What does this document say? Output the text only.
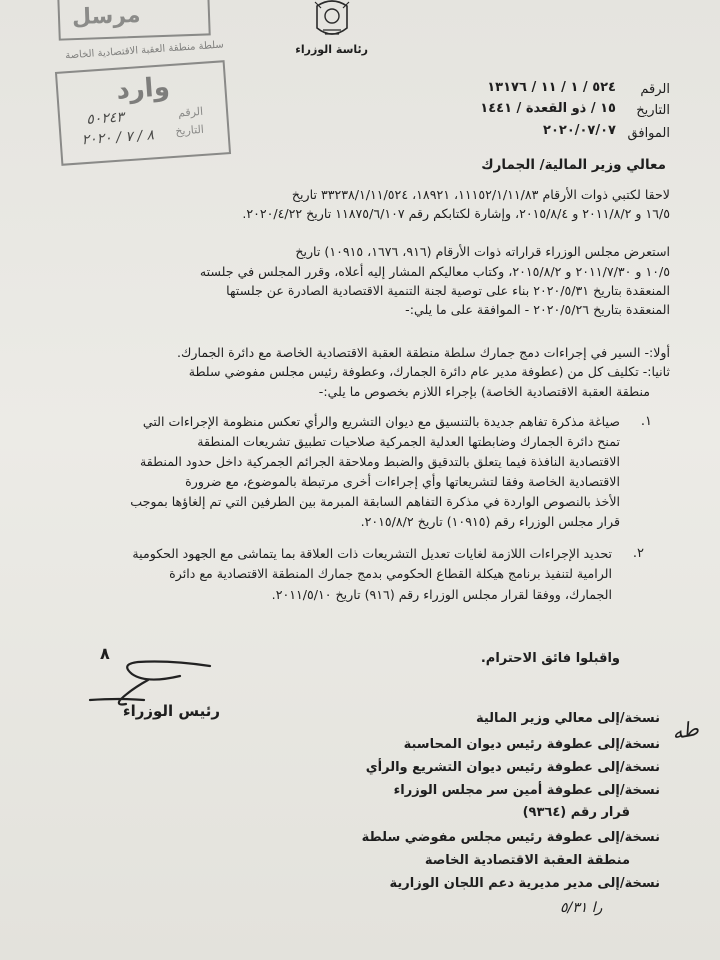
رئاسة الوزراء
مرسل
سلطة منطقة العقبة الاقتصادية الخاصة
وارد
الرقم
التاريخ
٥٠٢٤٣
٨ / ٧ / ٢٠٢٠
الرقم
٥٢٤ / ١ / ١١ / ١٣١٧٦
التاريخ
١٥ / ذو القعدة / ١٤٤١
الموافق
٢٠٢٠/٠٧/٠٧
معالي وزير المالية/ الجمارك
لاحقا لكتبي ذوات الأرقام ١١١٥٢/١/١١/٨٣، ١٨٩٢١، ٣٣٢٣٨/١/١١/٥٢٤ تاريخ
١٦/٥ و ٢٠١١/٨/٢ و ٢٠١٥/٨/٤، وإشارة لكتابكم رقم ١١٨٧٥/٦/١٠٧ تاريخ ٢٠٢٠/٤/٢٢.
استعرض مجلس الوزراء قراراته ذوات الأرقام (٩١٦، ١٦٧٦، ١٠٩١٥) تاريخ
١٠/٥ و ٢٠١١/٧/٣٠ و ٢٠١٥/٨/٢، وكتاب معاليكم المشار إليه أعلاه، وقرر المجلس في جلسته
المنعقدة بتاريخ ٢٠٢٠/٥/٣١ بناء على توصية لجنة التنمية الاقتصادية الصادرة عن جلستها
المنعقدة بتاريخ ٢٠٢٠/٥/٢٦ - الموافقة على ما يلي:-
أولا:- السير في إجراءات دمج جمارك سلطة منطقة العقبة الاقتصادية الخاصة مع دائرة الجمارك.
ثانيا:- تكليف كل من (عطوفة مدير عام دائرة الجمارك، وعطوفة رئيس مجلس مفوضي سلطة
منطقة العقبة الاقتصادية الخاصة) بإجراء اللازم بخصوص ما يلي:-
.١
صياغة مذكرة تفاهم جديدة بالتنسيق مع ديوان التشريع والرأي تعكس منظومة الإجراءات التي
تمنح دائرة الجمارك وضابطتها العدلية الجمركية صلاحيات تطبيق تشريعات المنطقة
الاقتصادية النافذة فيما يتعلق بالتدقيق والضبط وملاحقة الجرائم الجمركية داخل حدود المنطقة
الاقتصادية الخاصة وفقا لتشريعاتها وأي إجراءات أخرى مرتبطة بالموضوع، مع ضرورة
الأخذ بالنصوص الواردة في مذكرة التفاهم السابقة المبرمة بين الطرفين التي تم إلغاؤها بموجب
قرار مجلس الوزراء رقم (١٠٩١٥) تاريخ ٢٠١٥/٨/٢.
.٢
تحديد الإجراءات اللازمة لغايات تعديل التشريعات ذات العلاقة بما يتماشى مع الجهود الحكومية
الرامية لتنفيذ برنامج هيكلة القطاع الحكومي بدمج جمارك المنطقة الاقتصادية مع دائرة
الجمارك، ووفقا لقرار مجلس الوزراء رقم (٩١٦) تاريخ ٢٠١١/٥/١٠.
واقبلوا فائق الاحترام.
٨
رئيس الوزراء	نسخة/إلى معالي وزير المالية
نسخة/إلى عطوفة رئيس ديوان المحاسبة
نسخة/إلى عطوفة رئيس ديوان التشريع والرأي
نسخة/إلى عطوفة أمين سر مجلس الوزراء
قرار رقم (٩٣٦٤)
نسخة/إلى عطوفة رئيس مجلس مفوضي سلطة
منطقة العقبة الاقتصادية الخاصة
نسخة/إلى مدير مديرية دعم اللجان الوزارية
را ٥/٣١
طه
